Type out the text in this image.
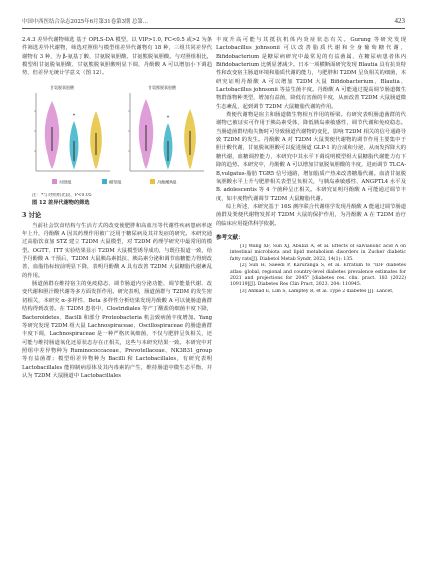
中国中西医结合杂志2025年6月第31卷第3期 总第...	423

2.4.3 差异代谢物筛选 基于 OPLS-DA 模型，以 VIP>1.0, FC<0.5 或>2 为条件筛选差异代谢物，筛选对照组与模型组差异代谢物有 18 种，三组共同差异代谢物有 3 种，为 β-氨基丁酸、甘氨脱氧胆酸、甘氨熊脱氧胆酸。与对照组相比，模型组甘氨脱氧胆酸、甘氨熊脱氧胆酸明显下调，丹酚酸 A 可以增加小下调趋势，但差异无统计学意义（图 12）。

甘氨脱氧胆酸
*
甘氨熊脱氧胆酸
*
对照组	模型组	丹酚酸A组

注：*与对照组比较，P<0.05

图 12 差异代谢物的筛选

3 讨论

当前社会饮食结构与生活方式的改变使肥胖和高血压等代谢性疾病患病率逐年上升，丹酚酸 A 因其药理作用被广泛用于糖尿病及其并发症的研究。本研究通过高脂饮食加 STZ 建立 T2DM 大鼠模型，对 T2DM 药理学研究中最常用的模型。OGTT、ITT 实验结果显示 T2DM 大鼠模型诱导成功，与既往报道一致，给予丹酚酸 A 干预后，T2DM 大鼠胰岛素抵抗、胰岛素分泌和调节血糖能力得到改善，血脂指标较前明显下降，表明丹酚酸 A 具有改善 T2DM 大鼠糖脂代谢紊乱的作用。

肠道菌群在维持宿主的免疫稳态、调节肠道内分泌功能、调节能量代谢、改变代谢和胆汁酸代谢等多方面发挥作用。研究表明，肠道菌群与 T2DM 的发生密切相关，本研究 α-多样性、Beta 多样性分析结果发现丹酚酸 A 可以使肠道菌群结构得到改善。在 T2DM 患者中，Clostridiales 等产丁酸盐的细菌丰度下降，Bacteroidetes、Bacilli 和部分 Proteobacteria 机会致病菌丰度增加。Yang 等研究发现 T2DM 组大鼠 Lachnospiraceae、Oscillospiraceae 的肠道菌群丰度下调，Lachnospiraceae 是一种严格厌氧细菌，不仅与肥胖呈负相关，还可能与维持肠道氧化还原状态存在正相关，这些与本研究结果一致。本研究中对照组中差异物种为 Ruminococcaceae、Prevotellaceae、NK3B31_group 等有益菌群；模型组差异物种为 Bacilli 和 Lactobacillales，有研究表明 Lactobacillales 能抑制病原体及其内毒素的产生，维持肠道中微生态平衡，并认为 T2DM 大鼠肠道中 Lactobacillales

丰度升高可能与其抵抗机体内炎症状态有关。Gurung 等研究发现 Lactobacillus johnsonii 可以改善脂质代谢和全身葡萄糖代谢，Bifidobacterium 是糖尿病研究中最常见的有益菌属，在糖尿病患者体内 Bifidobacterium 比例显著减少。日本一项横断面研究发现 Blautia 具有抗炎特性和改变宿主肠道环境和脂质代谢的能力，与肥胖和 T2DM 呈负相关的细菌，本研究证明丹酚酸 A 可以增加 T2DM 大鼠 Bifidobacterium、Blautia、Lactobacillus johnsonii 等益生菌丰度。丹酚酸 A 可能通过提高调节肠道微生物群落物种类型，增加有益菌，降低有害菌的丰度，从而改善 T2DM 大鼠肠道微生态紊乱，起到调节 T2DM 大鼠糖脂代谢的作用。

粪便代谢物是宿主和肠道微生物相互作用的桥梁。有研究表明肠道菌群的代谢物已被证实可作用于胰岛素受体，降低胰岛素敏感性，调节代谢和免疫稳态。当肠道菌群结构失衡时可导致肠道代谢物的变化，影响 T2DM 相关的信号通路导致 T2DM 的发生。丹酚酸 A 对 T2DM 大鼠粪便代谢物的调节作用主要集中于胆汁酸代谢，甘氨脱氧胆酸可以促进肠道 GLP-1 的合成和分泌，从而发挥降大的糖代谢，血糖调控能力，本研究中其水平下调说明模型组大鼠糖脂代谢能力有下降的趋势。本研究中，丹酚酸 A 可以增加甘氨脱氧胆酸的丰度，进而调节 TLCA-B,vulgatus-脂肪 TGR5 信号通路，增加脂质产热来改善糖脂代谢。血清甘氨脱氧胆酸水平上升与肥胖相关表型呈负相关，与胰岛素敏感性、ANGPTL4 水平及 B. adolescentis 等 4 个菌种呈正相关。本研究证明丹酚酸 A 可能通过调节丰度，如丰度物代谢调节 T2DM 大鼠糖脂代谢。

综上所述，本研究基于 16S 测序联合代谢组学发现丹酚酸 A 能通过调节肠道菌群及粪便代谢物发挥对 T2DM 大鼠的保护作用，为丹酚酸 A 在 T2DM 治疗的临床应用提供科学依据。

参考文献：

[1] Wang XF, Sun XJ, Abulizi A, et al. Effects of salvianolic acid A on intestinal microbiota and lipid metabolism disorders in Zucker diabetic fatty rats[J]. Diabetol Metab Syndr, 2022, 14(1): 135.

[2] Sun H, Saeedi P, Karuranga S, et al. Erratum to "IDF diabetes atlas: global, regional and country-level diabetes prevalence estimates for 2021 and projections for 2045" [diabetes res. clin. pract. 183 (2022) 109119][J]. Diabetes Res Clin Pract, 2023, 204: 110945.

[3] Ahmad E, Lim S, Lamptey R, et al. Type 2 diabetes [J]. Lancet,
